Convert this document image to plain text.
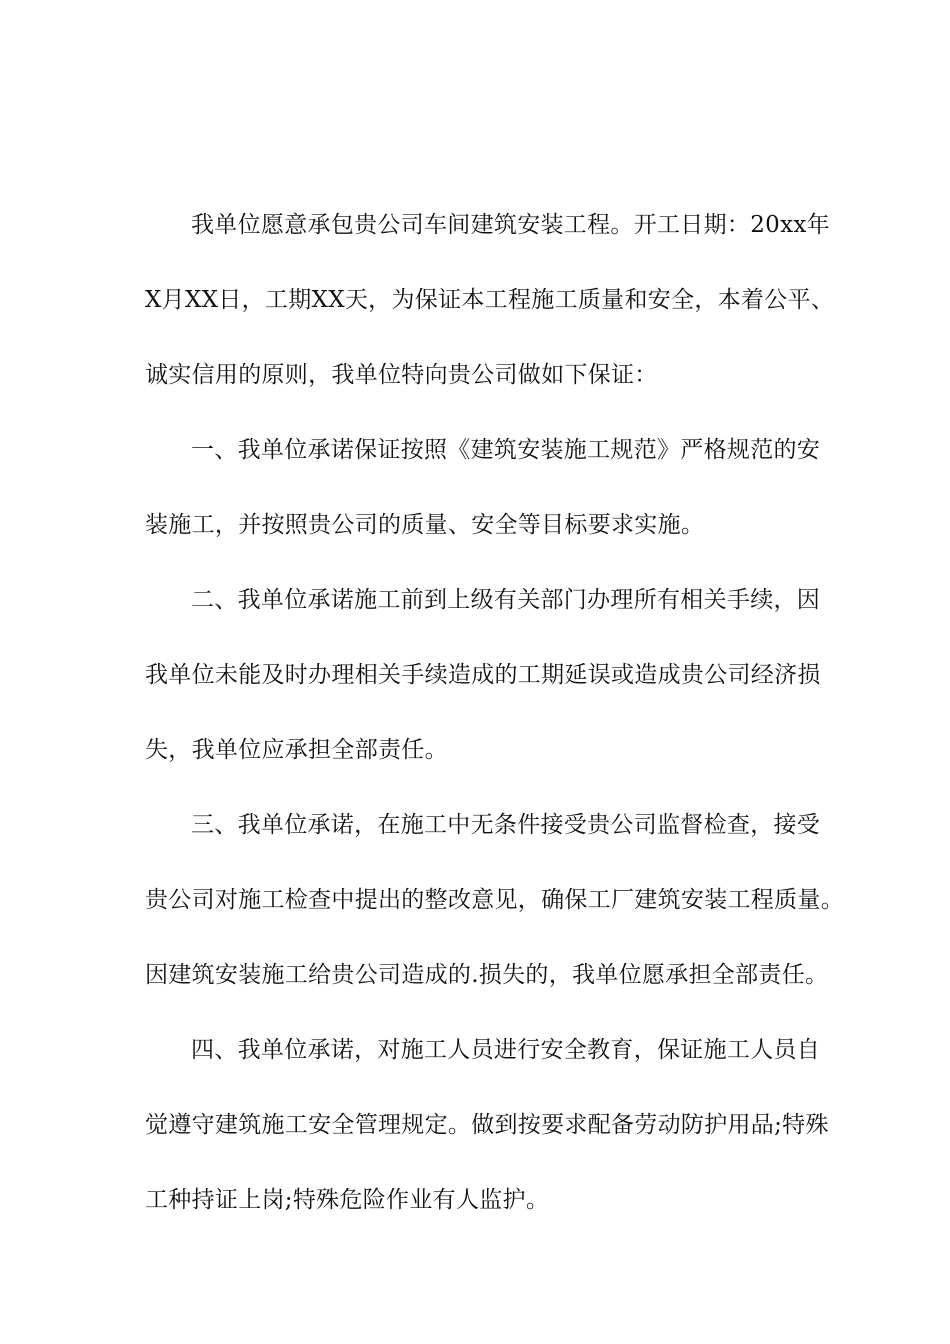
我单位愿意承包贵公司车间建筑安装工程。开工日期：20xx年
X月XX日，工期XX天，为保证本工程施工质量和安全，本着公平、
诚实信用的原则，我单位特向贵公司做如下保证：
一、我单位承诺保证按照《建筑安装施工规范》严格规范的安
装施工，并按照贵公司的质量、安全等目标要求实施。
二、我单位承诺施工前到上级有关部门办理所有相关手续，因
我单位未能及时办理相关手续造成的工期延误或造成贵公司经济损
失，我单位应承担全部责任。
三、我单位承诺，在施工中无条件接受贵公司监督检查，接受
贵公司对施工检查中提出的整改意见，确保工厂建筑安装工程质量。
因建筑安装施工给贵公司造成的.损失的，我单位愿承担全部责任。
四、我单位承诺，对施工人员进行安全教育，保证施工人员自
觉遵守建筑施工安全管理规定。做到按要求配备劳动防护用品;特殊
工种持证上岗;特殊危险作业有人监护。
